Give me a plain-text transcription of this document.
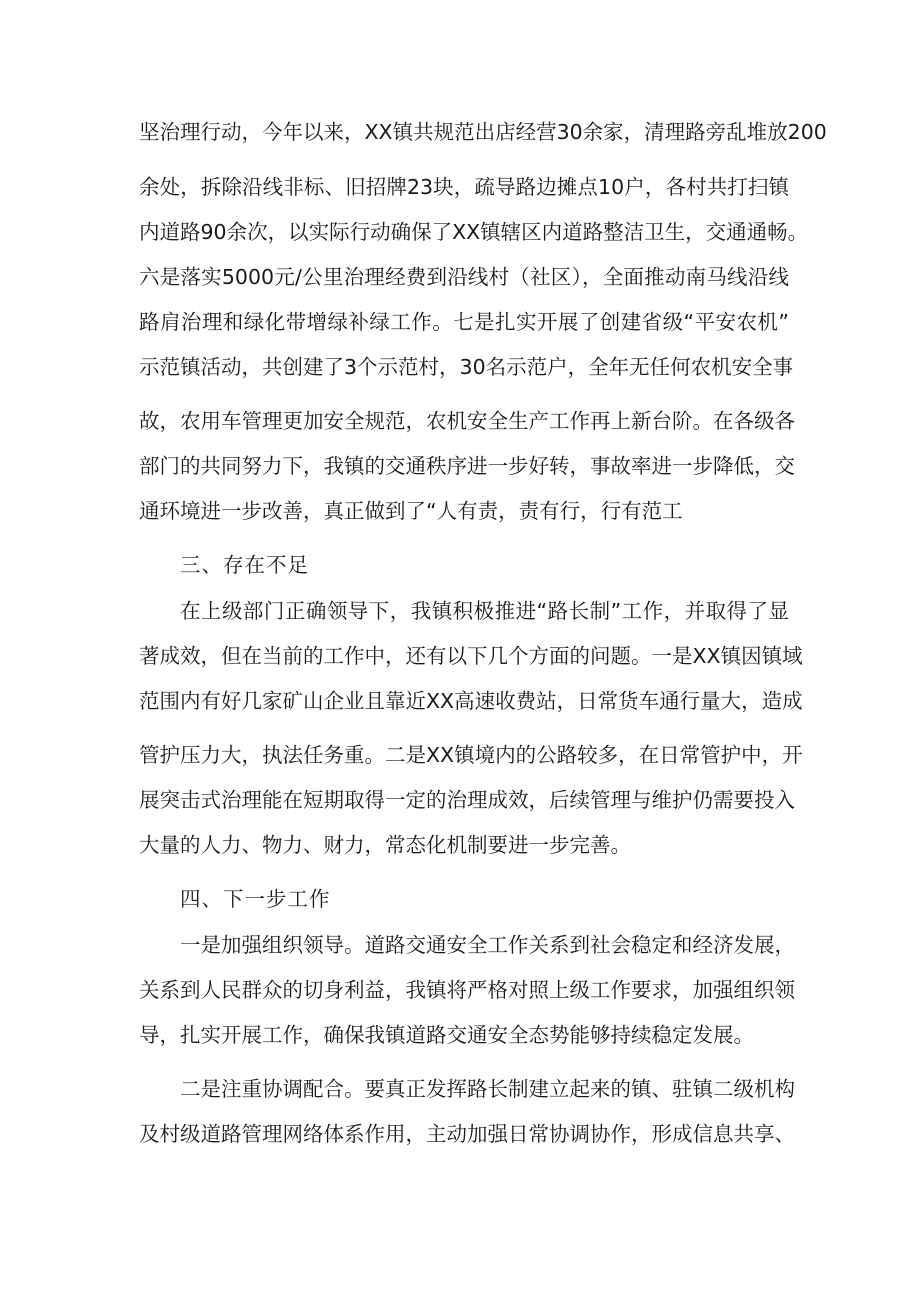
坚治理行动，今年以来，XX镇共规范出店经营30余家，清理路旁乱堆放200
余处，拆除沿线非标、旧招牌23块，疏导路边摊点10户，各村共打扫镇
内道路90余次，以实际行动确保了XX镇辖区内道路整洁卫生，交通通畅。
六是落实5000元/公里治理经费到沿线村（社区），全面推动南马线沿线
路肩治理和绿化带增绿补绿工作。七是扎实开展了创建省级“平安农机”
示范镇活动，共创建了3个示范村，30名示范户，全年无任何农机安全事
故，农用车管理更加安全规范，农机安全生产工作再上新台阶。在各级各
部门的共同努力下，我镇的交通秩序进一步好转，事故率进一步降低，交
通环境进一步改善，真正做到了“人有责，责有行，行有范工
三、存在不足
在上级部门正确领导下，我镇积极推进“路长制”工作，并取得了显
著成效，但在当前的工作中，还有以下几个方面的问题。一是XX镇因镇域
范围内有好几家矿山企业且靠近XX高速收费站，日常货车通行量大，造成
管护压力大，执法任务重。二是XX镇境内的公路较多，在日常管护中，开
展突击式治理能在短期取得一定的治理成效，后续管理与维护仍需要投入
大量的人力、物力、财力，常态化机制要进一步完善。
四、下一步工作
一是加强组织领导。道路交通安全工作关系到社会稳定和经济发展，
关系到人民群众的切身利益，我镇将严格对照上级工作要求，加强组织领
导，扎实开展工作，确保我镇道路交通安全态势能够持续稳定发展。
二是注重协调配合。要真正发挥路长制建立起来的镇、驻镇二级机构
及村级道路管理网络体系作用，主动加强日常协调协作，形成信息共享、
